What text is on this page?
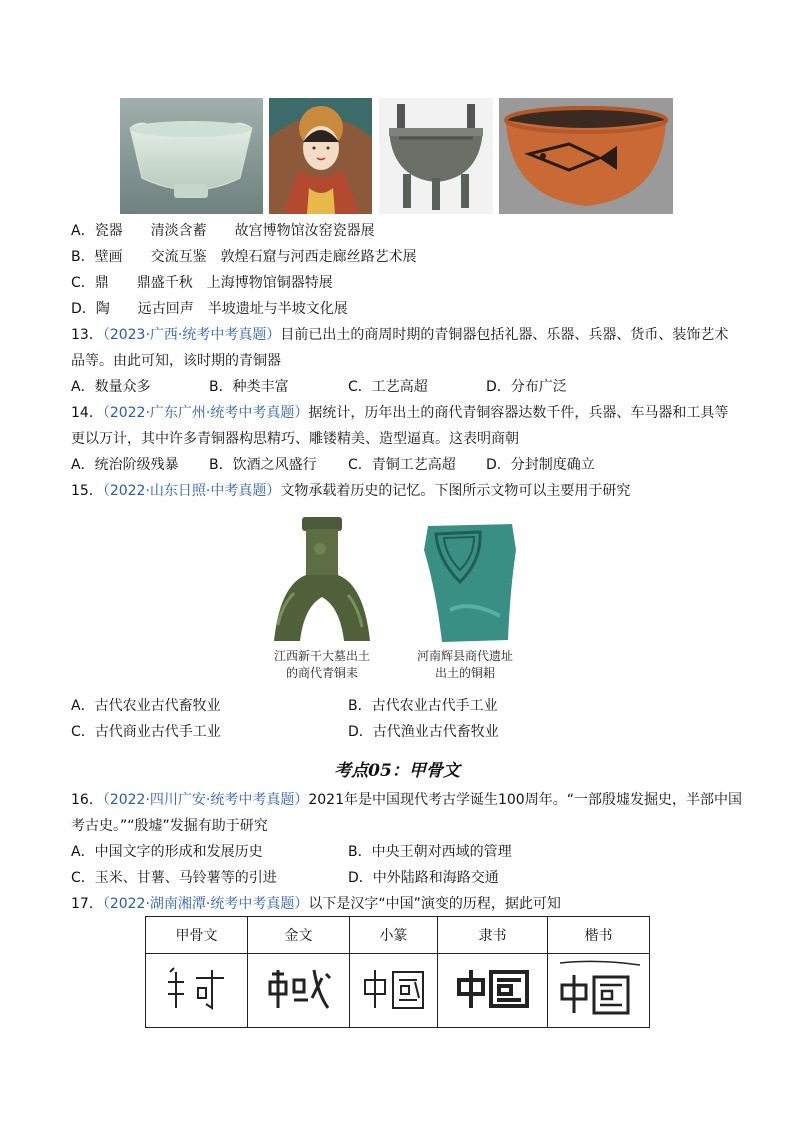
A．瓷器　　清淡含蓄　　故宫博物馆汝窑瓷器展
B．壁画　　交流互鉴　敦煌石窟与河西走廊丝路艺术展
C．鼎　　鼎盛千秋　上海博物馆铜器特展
D．陶　　远古回声　半坡遗址与半坡文化展
13．（2023·广西·统考中考真题）目前已出土的商周时期的青铜器包括礼器、乐器、兵器、货币、装饰艺术
品等。由此可知，该时期的青铜器
A．数量众多	B．种类丰富	C．工艺高超	D．分布广泛
14．（2022·广东广州·统考中考真题）据统计，历年出土的商代青铜容器达数千件，兵器、车马器和工具等
更以万计，其中许多青铜器构思精巧、雕镂精美、造型逼真。这表明商朝
A．统治阶级残暴 B．饮酒之风盛行 C．青铜工艺高超 D．分封制度确立
15．（2022·山东日照·中考真题）文物承载着历史的记忆。下图所示文物可以主要用于研究
江西新干大墓出土
的商代青铜耒
河南辉县商代遗址
出土的铜耜
A．古代农业古代畜牧业	B．古代农业古代手工业
C．古代商业古代手工业	D．古代渔业古代畜牧业
考点05：甲骨文
16．（2022·四川广安·统考中考真题）2021年是中国现代考古学诞生100周年。“一部殷墟发掘史，半部中国
考古史。”“殷墟”发掘有助于研究
A．中国文字的形成和发展历史	B．中央王朝对西域的管理
C．玉米、甘薯、马铃薯等的引进	D．中外陆路和海路交通
17．（2022·湖南湘潭·统考中考真题）以下是汉字“中国”演变的历程，据此可知
甲骨文	金文	小篆	隶书	楷书
